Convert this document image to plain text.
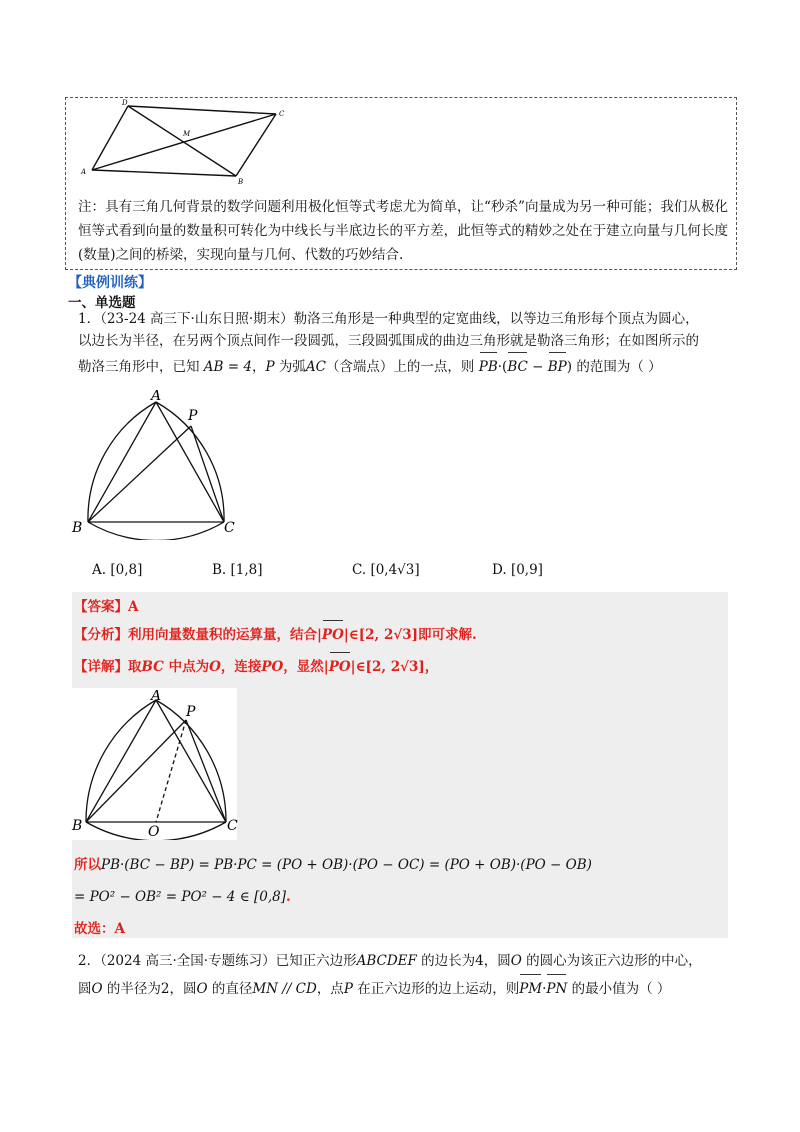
D
C
M
A
B
注：具有三角几何背景的数学问题利用极化恒等式考虑尤为简单，让“秒杀”向量成为另一种可能；我们从极化恒等式看到向量的数量积可转化为中线长与半底边长的平方差，此恒等式的精妙之处在于建立向量与几何长度(数量)之间的桥梁，实现向量与几何、代数的巧妙结合.
【典例训练】
一、单选题
1．（23-24 高三下·山东日照·期末）勒洛三角形是一种典型的定宽曲线，以等边三角形每个顶点为圆心，
以边长为半径，在另两个顶点间作一段圆弧，三段圆弧围成的曲边三角形就是勒洛三角形；在如图所示的
勒洛三角形中，已知 AB = 4，P 为弧AC（含端点）上的一点，则 PB·(BC − BP) 的范围为（ ）
A
P
B	C
A. [0,8]	B. [1,8]	C. [0,4√3]	D. [0,9]
【答案】A
【分析】利用向量数量积的运算量，结合|PO|∈[2, 2√3]即可求解.
【详解】取BC 中点为O，连接PO，显然|PO|∈[2, 2√3]，
A
P
B	C
O
所以PB·(BC − BP) = PB·PC = (PO + OB)·(PO − OC) = (PO + OB)·(PO − OB)
= PO² − OB² = PO² − 4 ∈ [0,8].
故选：A
2．（2024 高三·全国·专题练习）已知正六边形ABCDEF 的边长为4，圆O 的圆心为该正六边形的中心，
圆O 的半径为2，圆O 的直径MN // CD，点P 在正六边形的边上运动，则PM·PN 的最小值为（ ）
